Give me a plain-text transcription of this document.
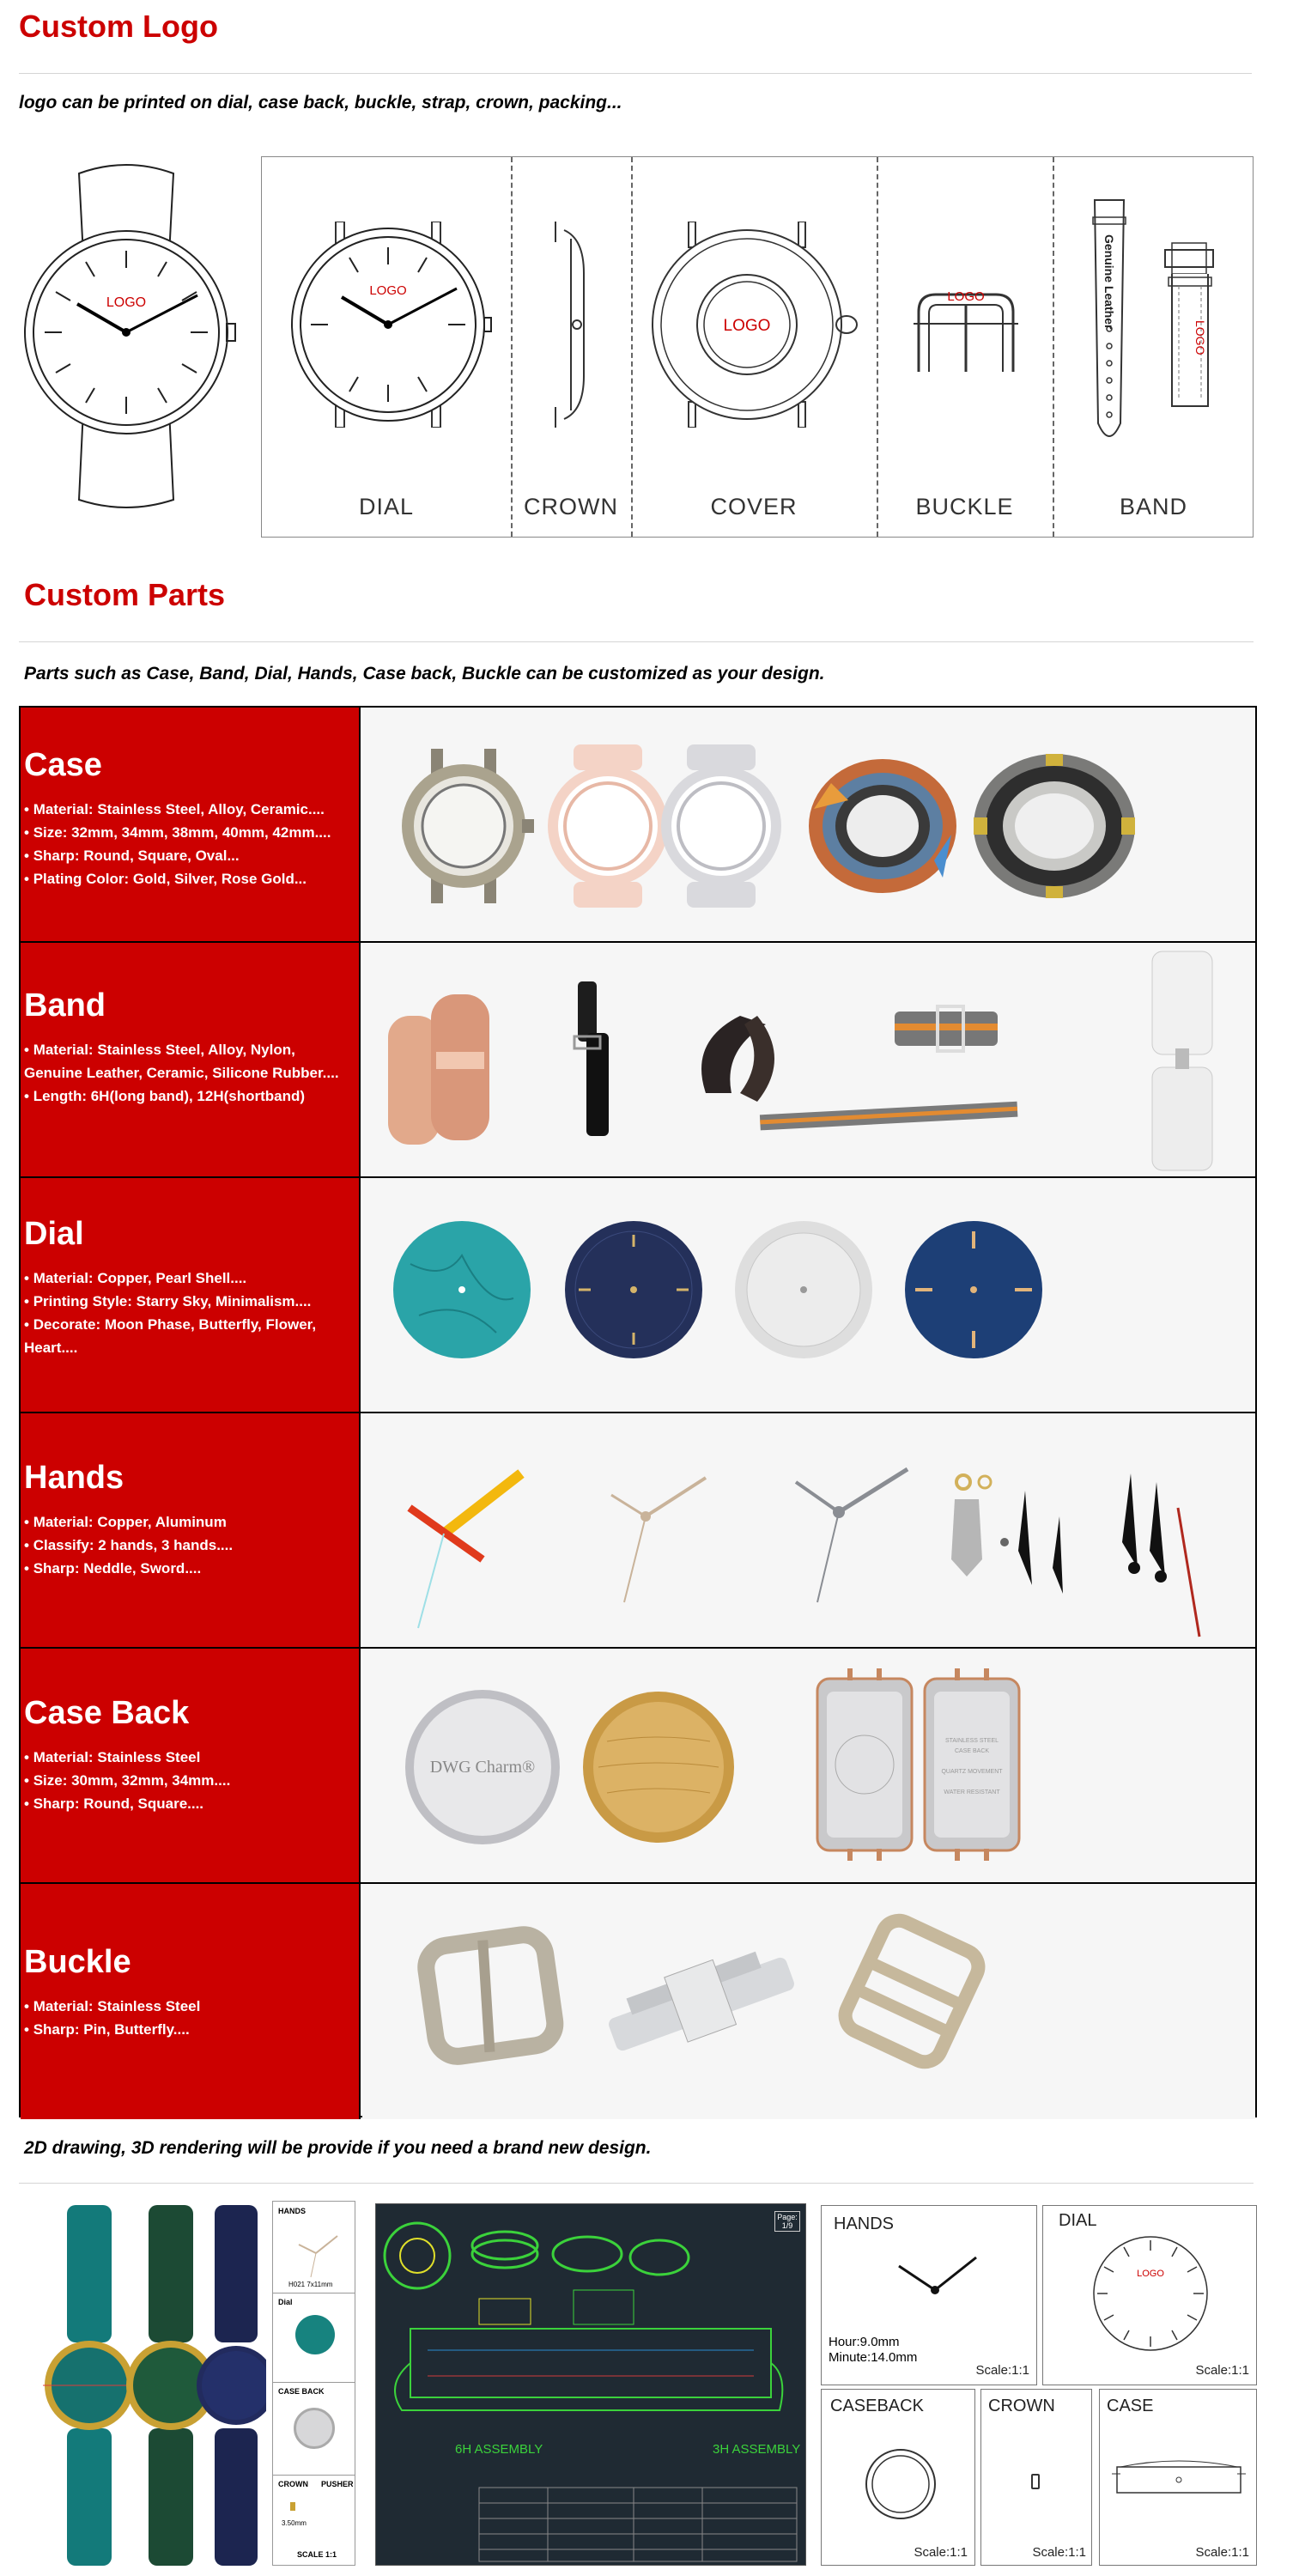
Custom Logo
logo can be printed on dial, case back, buckle, strap, crown, packing...
LOGO
LOGO
LOGO
LOGO	Genuine Leather
LOGO
DIAL	CROWN	COVER	BUCKLE	BAND
Custom Parts
Parts such as Case, Band, Dial, Hands, Case back, Buckle can be customized as your design.
Case
• Material: Stainless Steel, Alloy, Ceramic....
• Size: 32mm, 34mm, 38mm, 40mm, 42mm....
• Sharp: Round, Square, Oval...
• Plating Color: Gold, Silver, Rose Gold...
Band
• Material: Stainless Steel, Alloy, Nylon, Genuine Leather, Ceramic, Silicone Rubber....
• Length: 6H(long band), 12H(shortband)
Dial
• Material: Copper, Pearl Shell....
• Printing Style: Starry Sky, Minimalism....
• Decorate: Moon Phase, Butterfly, Flower, Heart....
Hands
• Material: Copper, Aluminum
• Classify: 2 hands, 3 hands....
• Sharp: Neddle, Sword....
Case Back
• Material: Stainless Steel
• Size: 30mm, 32mm, 34mm....
• Sharp: Round, Square....
DWG Charm®
STAINLESS STEEL
CASE BACK
QUARTZ MOVEMENT
WATER RESISTANT
Buckle
• Material: Stainless Steel
• Sharp: Pin, Butterfly....
2D drawing, 3D rendering will be provide if you need a brand new design.
HANDS
H021 7x11mm
Dial
CASE BACK
CROWN PUSHER
3.50mm
SCALE 1:1
Page: 1/9
6H ASSEMBLY	3H ASSEMBLY
HANDS
Hour:9.0mm
Minute:14.0mm
Scale:1:1
DIAL
LOGO
Scale:1:1
CASEBACK
Scale:1:1
CROWN
Scale:1:1
CASE
Scale:1:1
